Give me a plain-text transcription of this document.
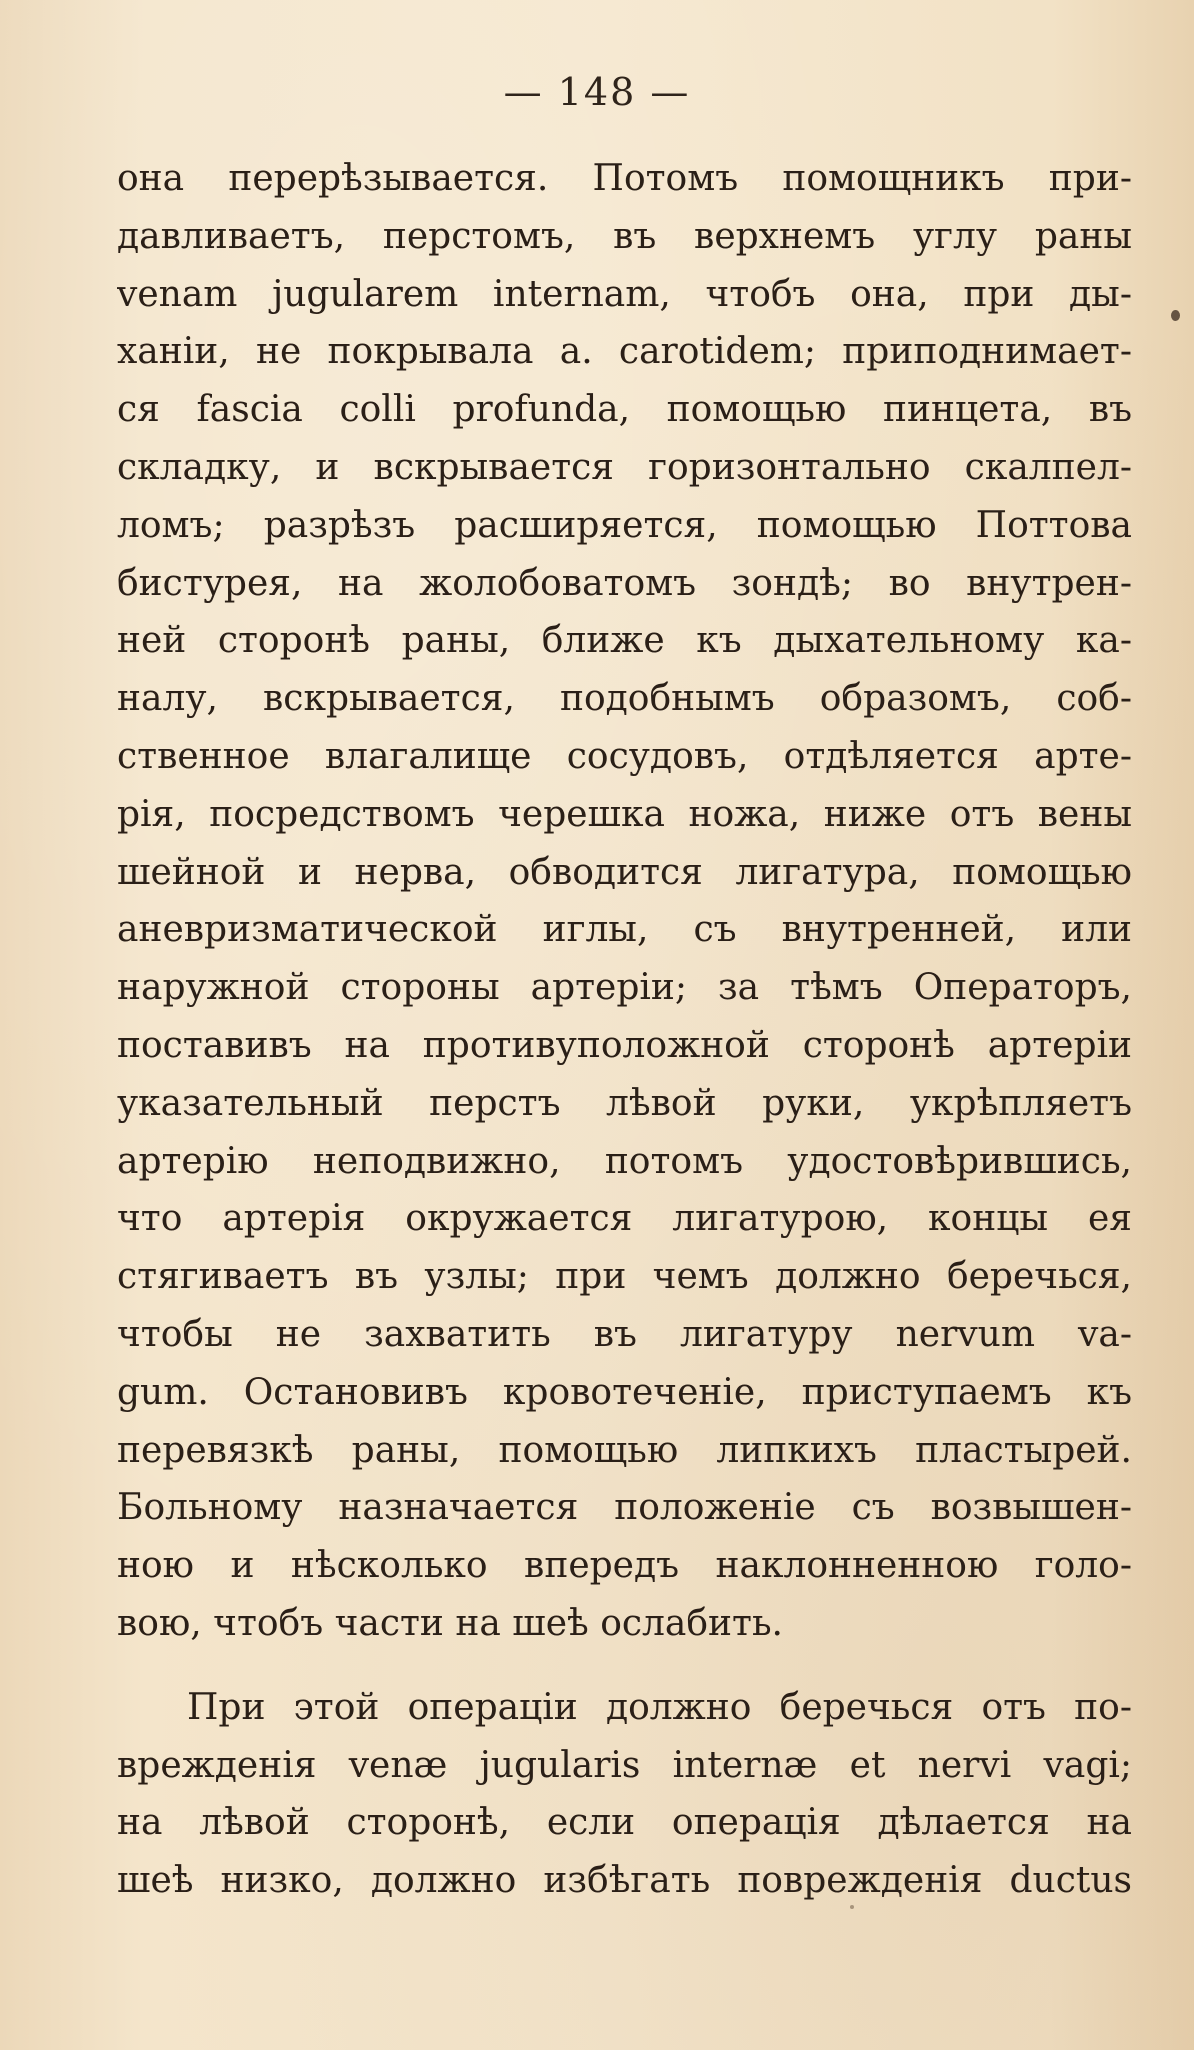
— 148 —
она перерѣзывается. Потомъ помощникъ при-
давливаетъ, перстомъ, въ верхнемъ углу раны
venam jugularem internam, чтобъ она, при ды-
ханіи, не покрывала a. carotidem; приподнимает-
ся fascia colli profunda, помощью пинцета, въ
складку, и вскрывается горизонтально скалпел-
ломъ; разрѣзъ расширяется, помощью Поттова
бистурея, на жолобоватомъ зондѣ; во внутрен-
ней сторонѣ раны, ближе къ дыхательному ка-
налу, вскрывается, подобнымъ образомъ, соб-
ственное влагалище сосудовъ, отдѣляется арте-
рія, посредствомъ черешка ножа, ниже отъ вены
шейной и нерва, обводится лигатура, помощью
аневризматической иглы, съ внутренней, или
наружной стороны артеріи; за тѣмъ Операторъ,
поставивъ на противуположной сторонѣ артеріи
указательный перстъ лѣвой руки, укрѣпляетъ
артерію неподвижно, потомъ удостовѣрившись,
что артерія окружается лигатурою, концы ея
стягиваетъ въ узлы; при чемъ должно беречься,
чтобы не захватить въ лигатуру nervum va-
gum. Остановивъ кровотеченіе, приступаемъ къ
перевязкѣ раны, помощью липкихъ пластырей.
Больному назначается положеніе съ возвышен-
ною и нѣсколько впередъ наклонненною голо-
вою, чтобъ части на шеѣ ослабить.
При этой операціи должно беречься отъ по-
врежденія venæ jugularis internæ et nervi vagi;
на лѣвой сторонѣ, если операція дѣлается на
шеѣ низко, должно избѣгать поврежденія ductus
